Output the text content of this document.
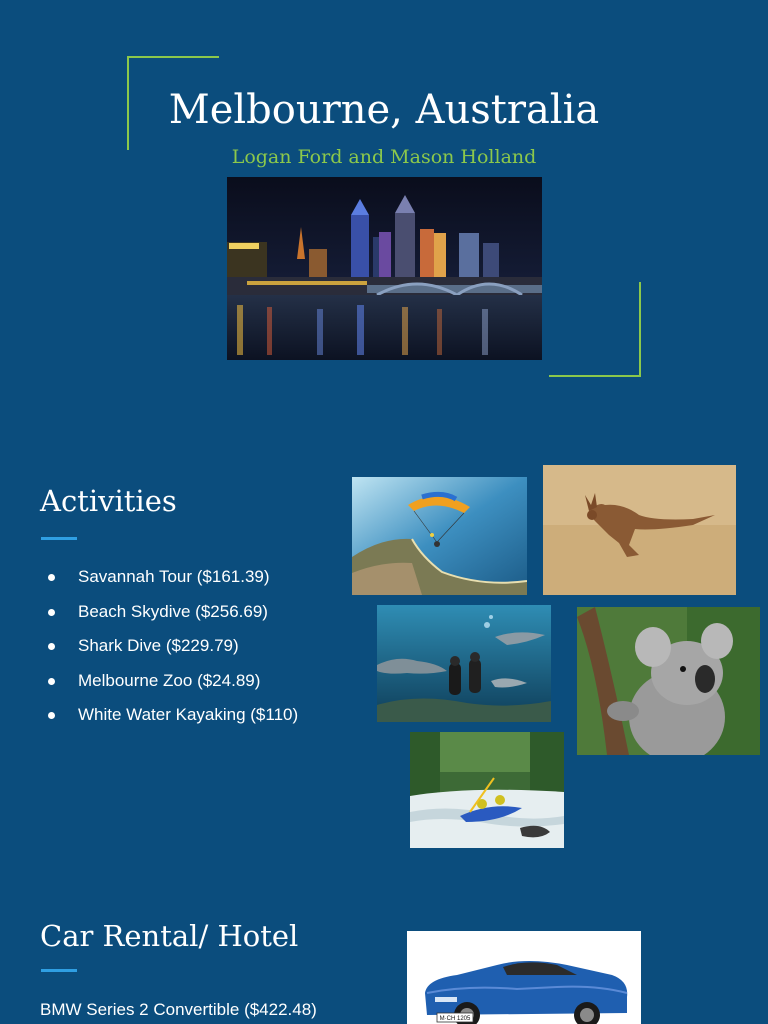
Melbourne, Australia
Logan Ford and Mason Holland
Activities
Savannah Tour ($161.39)
Beach Skydive ($256.69)
Shark Dive ($229.79)
Melbourne Zoo ($24.89)
White Water Kayaking ($110)
Car Rental/ Hotel
BMW Series 2 Convertible ($422.48)	M·CH 1205
